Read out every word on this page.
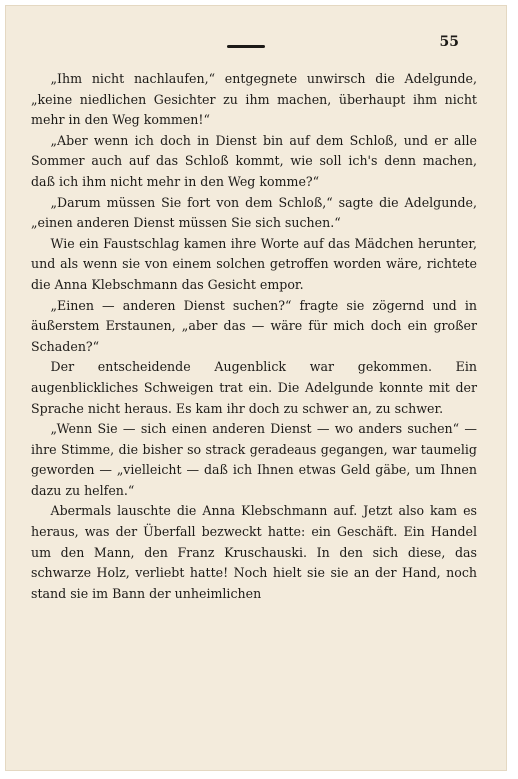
55

„Ihm nicht nachlaufen,“ entgegnete unwirsch die Adelgunde, „keine niedlichen Gesichter zu ihm machen, überhaupt ihm nicht mehr in den Weg kommen!“

„Aber wenn ich doch in Dienst bin auf dem Schloß, und er alle Sommer auch auf das Schloß kommt, wie soll ich's denn machen, daß ich ihm nicht mehr in den Weg komme?“

„Darum müssen Sie fort von dem Schloß,“ sagte die Adelgunde, „einen anderen Dienst müssen Sie sich suchen.“

Wie ein Faustschlag kamen ihre Worte auf das Mädchen herunter, und als wenn sie von einem solchen getroffen worden wäre, richtete die Anna Klebschmann das Gesicht empor.

„Einen — anderen Dienst suchen?“ fragte sie zögernd und in äußerstem Erstaunen, „aber das — wäre für mich doch ein großer Schaden?“

Der entscheidende Augenblick war gekommen. Ein augenblickliches Schweigen trat ein. Die Adelgunde konnte mit der Sprache nicht heraus. Es kam ihr doch zu schwer an, zu schwer.

„Wenn Sie — sich einen anderen Dienst — wo anders suchen“ — ihre Stimme, die bisher so strack geradeaus gegangen, war taumelig geworden — „vielleicht — daß ich Ihnen etwas Geld gäbe, um Ihnen dazu zu helfen.“

Abermals lauschte die Anna Klebschmann auf. Jetzt also kam es heraus, was der Überfall bezweckt hatte: ein Geschäft. Ein Handel um den Mann, den Franz Kruschauski. In den sich diese, das schwarze Holz, verliebt hatte! Noch hielt sie sie an der Hand, noch stand sie im Bann der unheimlichen
